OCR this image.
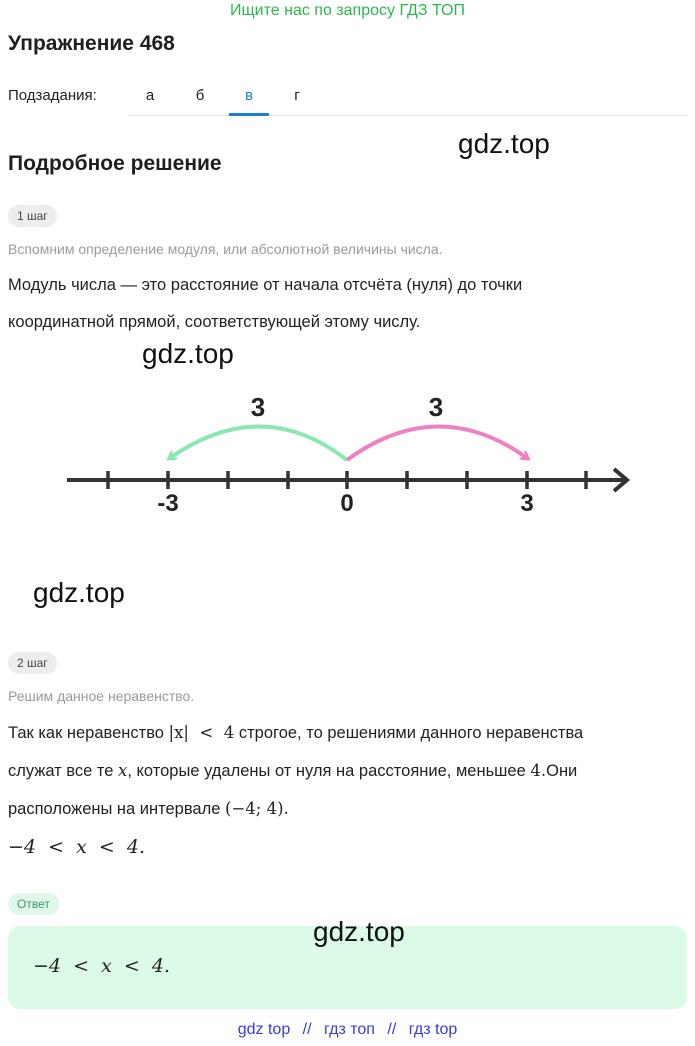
Ищите нас по запросу ГДЗ ТОП
Упражнение 468
Подзадания:	а	б	в	г
Подробное решение
gdz.top
1 шаг
Вспомним определение модуля, или абсолютной величины числа.
Модуль числа — это расстояние от начала отсчёта (нуля) до точки
координатной прямой, соответствующей этому числу.
gdz.top
3	3
-3	0	3
gdz.top
2 шаг
Решим данное неравенство.
Так как неравенство |x|  <  4 строгое, то решениями данного неравенства
служат все те x, которые удалены от нуля на расстояние, меньшее 4.Они
расположены на интервале (−4; 4).
−4  <  x  <  4.
Ответ
−4  <  x  <  4.
gdz.top
gdz top // гдз топ // гдз top
